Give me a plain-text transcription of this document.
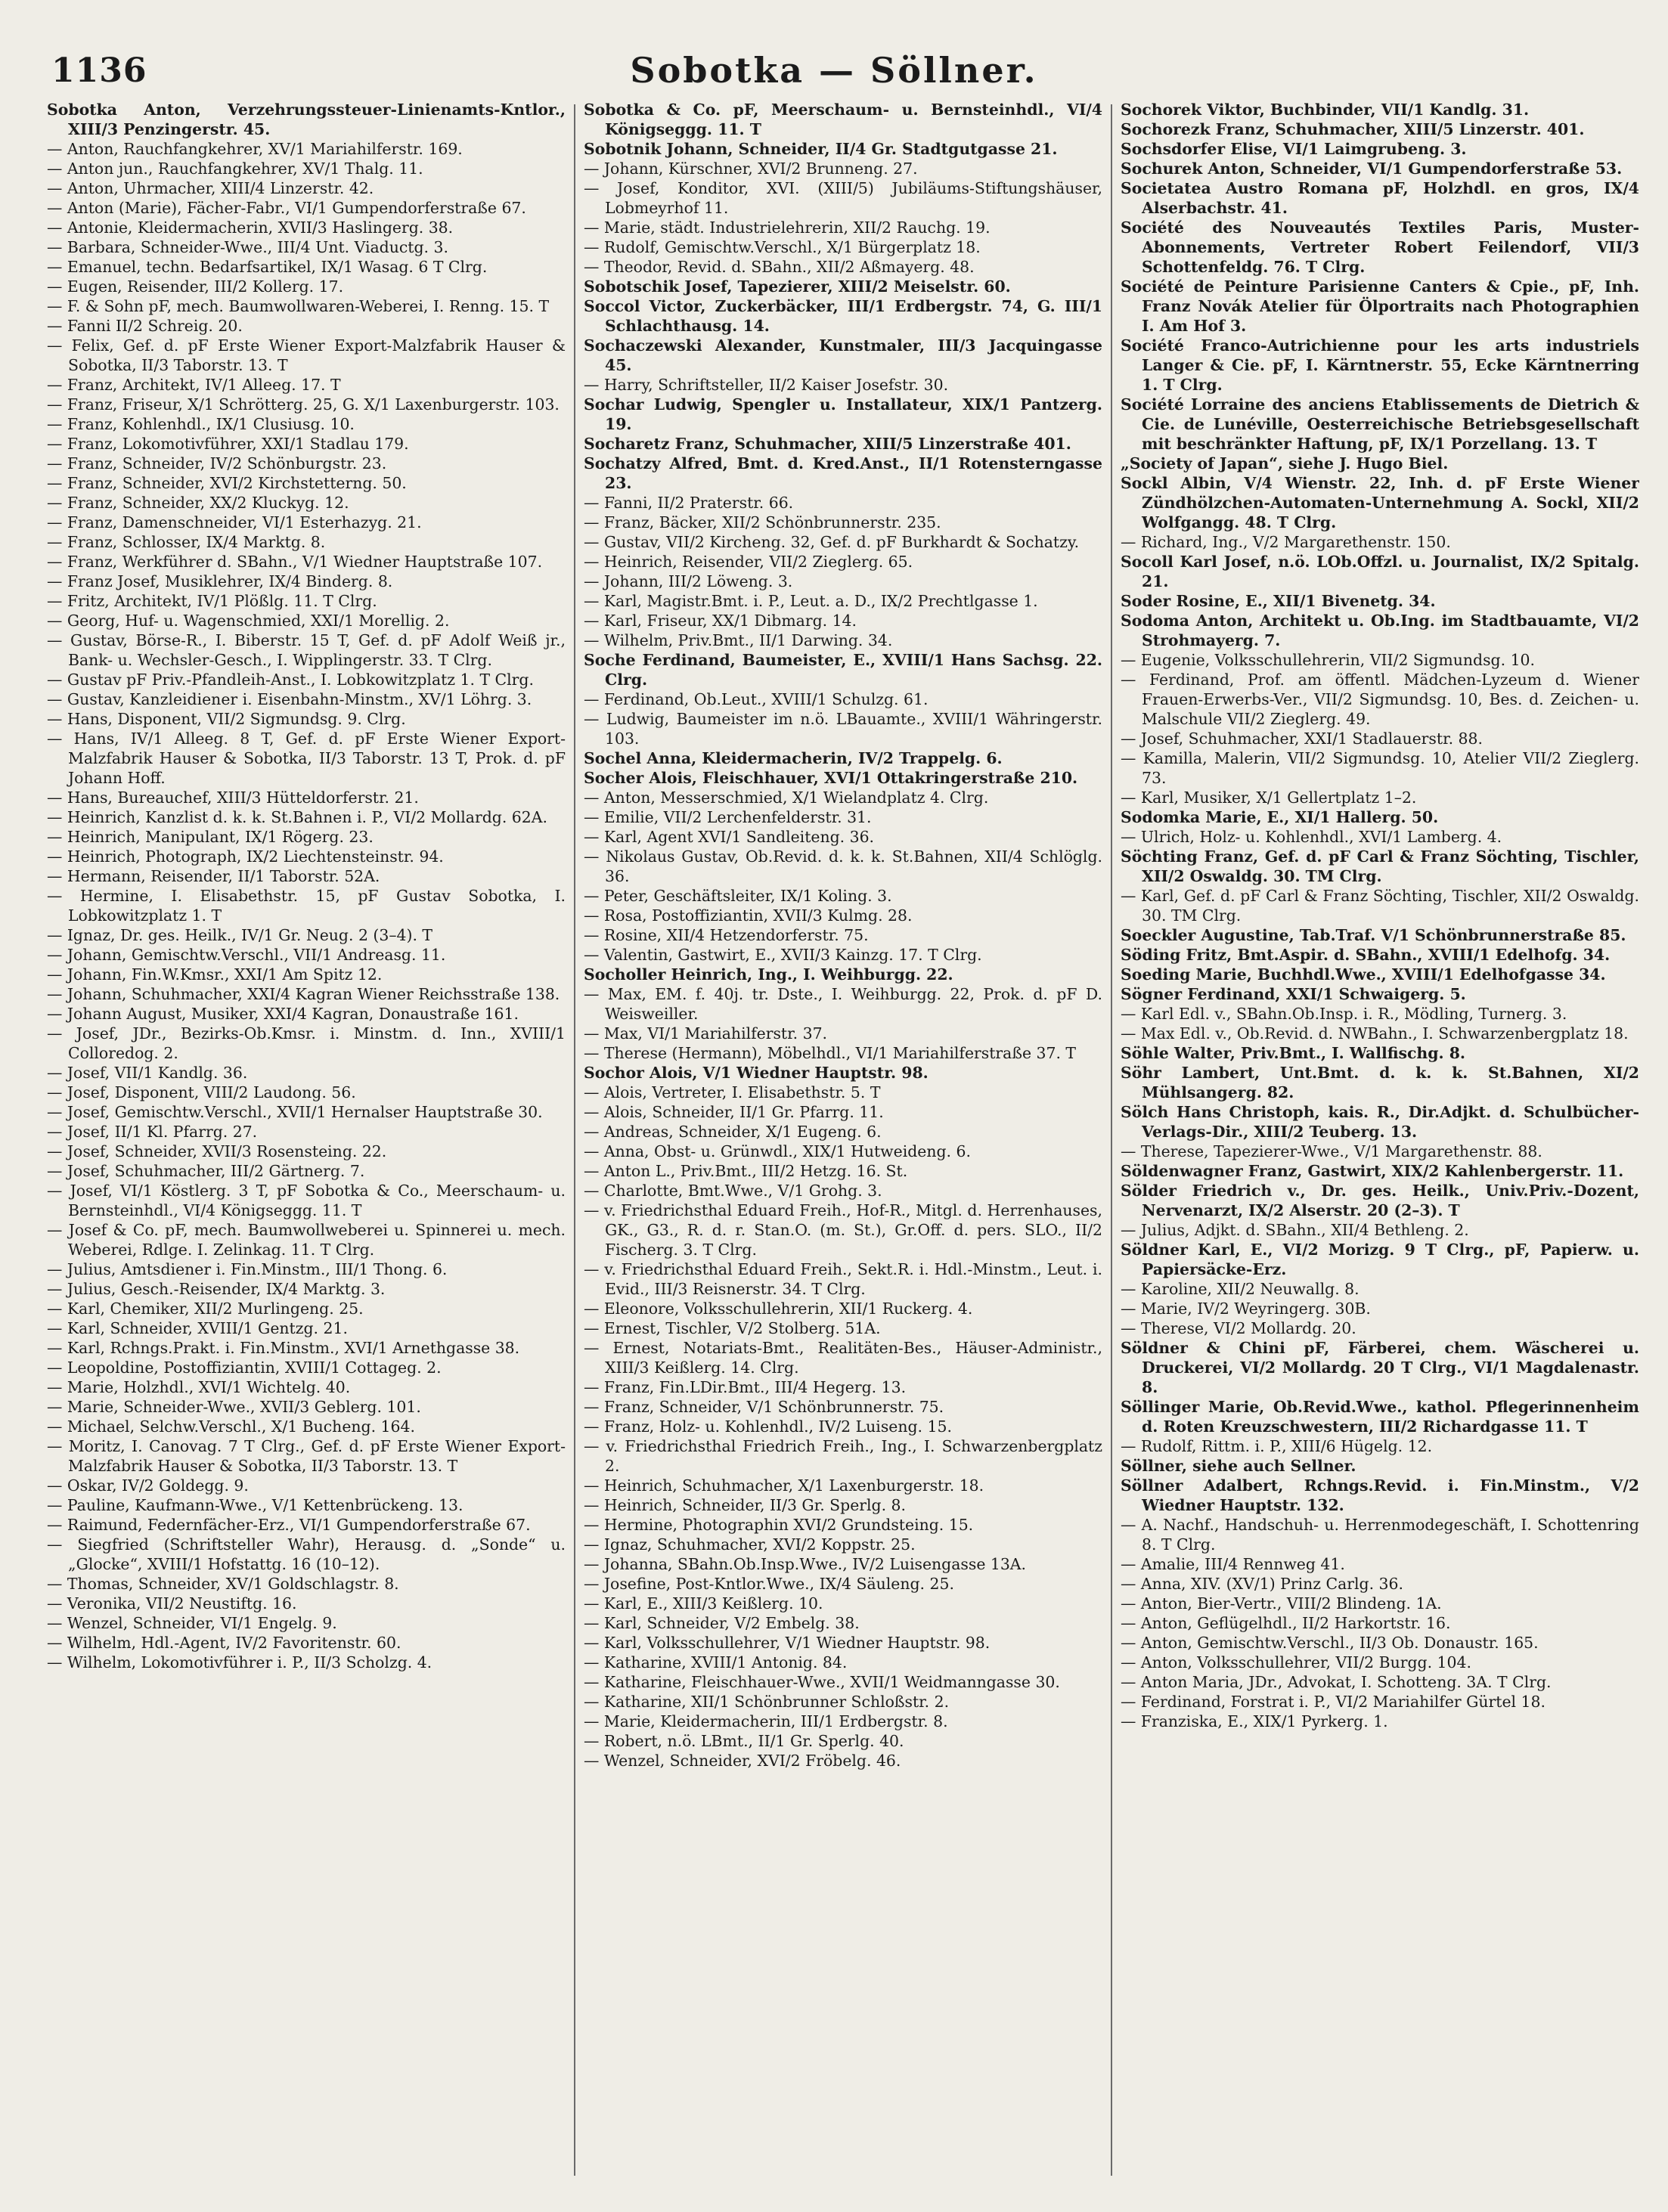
1136	Sobotka — Söllner.

Sobotka Anton, Verzehrungssteuer-Linienamts-Kntlor., XIII/3 Penzingerstr. 45.

— Anton, Rauchfangkehrer, XV/1 Mariahilferstr. 169.

— Anton jun., Rauchfangkehrer, XV/1 Thalg. 11.

— Anton, Uhrmacher, XIII/4 Linzerstr. 42.

— Anton (Marie), Fächer-Fabr., VI/1 Gumpendorferstraße 67.

— Antonie, Kleidermacherin, XVII/3 Haslingerg. 38.

— Barbara, Schneider-Wwe., III/4 Unt. Viaductg. 3.

— Emanuel, techn. Bedarfsartikel, IX/1 Wasag. 6 T Clrg.

— Eugen, Reisender, III/2 Kollerg. 17.

— F. & Sohn pF, mech. Baumwollwaren-Weberei, I. Renng. 15. T

— Fanni II/2 Schreig. 20.

— Felix, Gef. d. pF Erste Wiener Export-Malzfabrik Hauser & Sobotka, II/3 Taborstr. 13. T

— Franz, Architekt, IV/1 Alleeg. 17. T

— Franz, Friseur, X/1 Schrötterg. 25, G. X/1 Laxenburgerstr. 103.

— Franz, Kohlenhdl., IX/1 Clusiusg. 10.

— Franz, Lokomotivführer, XXI/1 Stadlau 179.

— Franz, Schneider, IV/2 Schönburgstr. 23.

— Franz, Schneider, XVI/2 Kirchstetterng. 50.

— Franz, Schneider, XX/2 Kluckyg. 12.

— Franz, Damenschneider, VI/1 Esterhazyg. 21.

— Franz, Schlosser, IX/4 Marktg. 8.

— Franz, Werkführer d. SBahn., V/1 Wiedner Hauptstraße 107.

— Franz Josef, Musiklehrer, IX/4 Binderg. 8.

— Fritz, Architekt, IV/1 Plößlg. 11. T Clrg.

— Georg, Huf- u. Wagenschmied, XXI/1 Morellig. 2.

— Gustav, Börse-R., I. Biberstr. 15 T, Gef. d. pF Adolf Weiß jr., Bank- u. Wechsler-Gesch., I. Wipplingerstr. 33. T Clrg.

— Gustav pF Priv.-Pfandleih-Anst., I. Lobkowitzplatz 1. T Clrg.

— Gustav, Kanzleidiener i. Eisenbahn-Minstm., XV/1 Löhrg. 3.

— Hans, Disponent, VII/2 Sigmundsg. 9. Clrg.

— Hans, IV/1 Alleeg. 8 T, Gef. d. pF Erste Wiener Export-Malzfabrik Hauser & Sobotka, II/3 Taborstr. 13 T, Prok. d. pF Johann Hoff.

— Hans, Bureauchef, XIII/3 Hütteldorferstr. 21.

— Heinrich, Kanzlist d. k. k. St.Bahnen i. P., VI/2 Mollardg. 62A.

— Heinrich, Manipulant, IX/1 Rögerg. 23.

— Heinrich, Photograph, IX/2 Liechtensteinstr. 94.

— Hermann, Reisender, II/1 Taborstr. 52A.

— Hermine, I. Elisabethstr. 15, pF Gustav Sobotka, I. Lobkowitzplatz 1. T

— Ignaz, Dr. ges. Heilk., IV/1 Gr. Neug. 2 (3–4). T

— Johann, Gemischtw.Verschl., VII/1 Andreasg. 11.

— Johann, Fin.W.Kmsr., XXI/1 Am Spitz 12.

— Johann, Schuhmacher, XXI/4 Kagran Wiener Reichsstraße 138.

— Johann August, Musiker, XXI/4 Kagran, Donaustraße 161.

— Josef, JDr., Bezirks-Ob.Kmsr. i. Minstm. d. Inn., XVIII/1 Colloredog. 2.

— Josef, VII/1 Kandlg. 36.

— Josef, Disponent, VIII/2 Laudong. 56.

— Josef, Gemischtw.Verschl., XVII/1 Hernalser Hauptstraße 30.

— Josef, II/1 Kl. Pfarrg. 27.

— Josef, Schneider, XVII/3 Rosensteing. 22.

— Josef, Schuhmacher, III/2 Gärtnerg. 7.

— Josef, VI/1 Köstlerg. 3 T, pF Sobotka & Co., Meerschaum- u. Bernsteinhdl., VI/4 Königseggg. 11. T

— Josef & Co. pF, mech. Baumwollweberei u. Spinnerei u. mech. Weberei, Rdlge. I. Zelinkag. 11. T Clrg.

— Julius, Amtsdiener i. Fin.Minstm., III/1 Thong. 6.

— Julius, Gesch.-Reisender, IX/4 Marktg. 3.

— Karl, Chemiker, XII/2 Murlingeng. 25.

— Karl, Schneider, XVIII/1 Gentzg. 21.

— Karl, Rchngs.Prakt. i. Fin.Minstm., XVI/1 Arnethgasse 38.

— Leopoldine, Postoffiziantin, XVIII/1 Cottageg. 2.

— Marie, Holzhdl., XVI/1 Wichtelg. 40.

— Marie, Schneider-Wwe., XVII/3 Geblerg. 101.

— Michael, Selchw.Verschl., X/1 Bucheng. 164.

— Moritz, I. Canovag. 7 T Clrg., Gef. d. pF Erste Wiener Export-Malzfabrik Hauser & Sobotka, II/3 Taborstr. 13. T

— Oskar, IV/2 Goldegg. 9.

— Pauline, Kaufmann-Wwe., V/1 Kettenbrückeng. 13.

— Raimund, Federnfächer-Erz., VI/1 Gumpendorferstraße 67.

— Siegfried (Schriftsteller Wahr), Herausg. d. „Sonde“ u. „Glocke“, XVIII/1 Hofstattg. 16 (10–12).

— Thomas, Schneider, XV/1 Goldschlagstr. 8.

— Veronika, VII/2 Neustiftg. 16.

— Wenzel, Schneider, VI/1 Engelg. 9.

— Wilhelm, Hdl.-Agent, IV/2 Favoritenstr. 60.

— Wilhelm, Lokomotivführer i. P., II/3 Scholzg. 4.

Sobotka & Co. pF, Meerschaum- u. Bernsteinhdl., VI/4 Königseggg. 11. T

Sobotnik Johann, Schneider, II/4 Gr. Stadtgutgasse 21.

— Johann, Kürschner, XVI/2 Brunneng. 27.

— Josef, Konditor, XVI. (XIII/5) Jubiläums-Stiftungshäuser, Lobmeyrhof 11.

— Marie, städt. Industrielehrerin, XII/2 Rauchg. 19.

— Rudolf, Gemischtw.Verschl., X/1 Bürgerplatz 18.

— Theodor, Revid. d. SBahn., XII/2 Aßmayerg. 48.

Sobotschik Josef, Tapezierer, XIII/2 Meiselstr. 60.

Soccol Victor, Zuckerbäcker, III/1 Erdbergstr. 74, G. III/1 Schlachthausg. 14.

Sochaczewski Alexander, Kunstmaler, III/3 Jacquingasse 45.

— Harry, Schriftsteller, II/2 Kaiser Josefstr. 30.

Sochar Ludwig, Spengler u. Installateur, XIX/1 Pantzerg. 19.

Socharetz Franz, Schuhmacher, XIII/5 Linzerstraße 401.

Sochatzy Alfred, Bmt. d. Kred.Anst., II/1 Rotensterngasse 23.

— Fanni, II/2 Praterstr. 66.

— Franz, Bäcker, XII/2 Schönbrunnerstr. 235.

— Gustav, VII/2 Kircheng. 32, Gef. d. pF Burkhardt & Sochatzy.

— Heinrich, Reisender, VII/2 Zieglerg. 65.

— Johann, III/2 Löweng. 3.

— Karl, Magistr.Bmt. i. P., Leut. a. D., IX/2 Prechtlgasse 1.

— Karl, Friseur, XX/1 Dibmarg. 14.

— Wilhelm, Priv.Bmt., II/1 Darwing. 34.

Soche Ferdinand, Baumeister, E., XVIII/1 Hans Sachsg. 22. Clrg.

— Ferdinand, Ob.Leut., XVIII/1 Schulzg. 61.

— Ludwig, Baumeister im n.ö. LBauamte., XVIII/1 Währingerstr. 103.

Sochel Anna, Kleidermacherin, IV/2 Trappelg. 6.

Socher Alois, Fleischhauer, XVI/1 Ottakringerstraße 210.

— Anton, Messerschmied, X/1 Wielandplatz 4. Clrg.

— Emilie, VII/2 Lerchenfelderstr. 31.

— Karl, Agent XVI/1 Sandleiteng. 36.

— Nikolaus Gustav, Ob.Revid. d. k. k. St.Bahnen, XII/4 Schlöglg. 36.

— Peter, Geschäftsleiter, IX/1 Koling. 3.

— Rosa, Postoffiziantin, XVII/3 Kulmg. 28.

— Rosine, XII/4 Hetzendorferstr. 75.

— Valentin, Gastwirt, E., XVII/3 Kainzg. 17. T Clrg.

Socholler Heinrich, Ing., I. Weihburgg. 22.

— Max, EM. f. 40j. tr. Dste., I. Weihburgg. 22, Prok. d. pF D. Weisweiller.

— Max, VI/1 Mariahilferstr. 37.

— Therese (Hermann), Möbelhdl., VI/1 Mariahilferstraße 37. T

Sochor Alois, V/1 Wiedner Hauptstr. 98.

— Alois, Vertreter, I. Elisabethstr. 5. T

— Alois, Schneider, II/1 Gr. Pfarrg. 11.

— Andreas, Schneider, X/1 Eugeng. 6.

— Anna, Obst- u. Grünwdl., XIX/1 Hutweideng. 6.

— Anton L., Priv.Bmt., III/2 Hetzg. 16. St.

— Charlotte, Bmt.Wwe., V/1 Grohg. 3.

— v. Friedrichsthal Eduard Freih., Hof-R., Mitgl. d. Herrenhauses, GK., G3., R. d. r. Stan.O. (m. St.), Gr.Off. d. pers. SLO., II/2 Fischerg. 3. T Clrg.

— v. Friedrichsthal Eduard Freih., Sekt.R. i. Hdl.-Minstm., Leut. i. Evid., III/3 Reisnerstr. 34. T Clrg.

— Eleonore, Volksschullehrerin, XII/1 Ruckerg. 4.

— Ernest, Tischler, V/2 Stolberg. 51A.

— Ernest, Notariats-Bmt., Realitäten-Bes., Häuser-Administr., XIII/3 Keißlerg. 14. Clrg.

— Franz, Fin.LDir.Bmt., III/4 Hegerg. 13.

— Franz, Schneider, V/1 Schönbrunnerstr. 75.

— Franz, Holz- u. Kohlenhdl., IV/2 Luiseng. 15.

— v. Friedrichsthal Friedrich Freih., Ing., I. Schwarzenbergplatz 2.

— Heinrich, Schuhmacher, X/1 Laxenburgerstr. 18.

— Heinrich, Schneider, II/3 Gr. Sperlg. 8.

— Hermine, Photographin XVI/2 Grundsteing. 15.

— Ignaz, Schuhmacher, XVI/2 Koppstr. 25.

— Johanna, SBahn.Ob.Insp.Wwe., IV/2 Luisengasse 13A.

— Josefine, Post-Kntlor.Wwe., IX/4 Säuleng. 25.

— Karl, E., XIII/3 Keißlerg. 10.

— Karl, Schneider, V/2 Embelg. 38.

— Karl, Volksschullehrer, V/1 Wiedner Hauptstr. 98.

— Katharine, XVIII/1 Antonig. 84.

— Katharine, Fleischhauer-Wwe., XVII/1 Weidmanngasse 30.

— Katharine, XII/1 Schönbrunner Schloßstr. 2.

— Marie, Kleidermacherin, III/1 Erdbergstr. 8.

— Robert, n.ö. LBmt., II/1 Gr. Sperlg. 40.

— Wenzel, Schneider, XVI/2 Fröbelg. 46.

Sochorek Viktor, Buchbinder, VII/1 Kandlg. 31.

Sochorezk Franz, Schuhmacher, XIII/5 Linzerstr. 401.

Sochsdorfer Elise, VI/1 Laimgrubeng. 3.

Sochurek Anton, Schneider, VI/1 Gumpendorferstraße 53.

Societatea Austro Romana pF, Holzhdl. en gros, IX/4 Alserbachstr. 41.

Société des Nouveautés Textiles Paris, Muster-Abonnements, Vertreter Robert Feilendorf, VII/3 Schottenfeldg. 76. T Clrg.

Société de Peinture Parisienne Canters & Cpie., pF, Inh. Franz Novák Atelier für Ölportraits nach Photographien I. Am Hof 3.

Société Franco-Autrichienne pour les arts industriels Langer & Cie. pF, I. Kärntnerstr. 55, Ecke Kärntnerring 1. T Clrg.

Société Lorraine des anciens Etablissements de Dietrich & Cie. de Lunéville, Oesterreichische Betriebsgesellschaft mit beschränkter Haftung, pF, IX/1 Porzellang. 13. T

„Society of Japan“, siehe J. Hugo Biel.

Sockl Albin, V/4 Wienstr. 22, Inh. d. pF Erste Wiener Zündhölzchen-Automaten-Unternehmung A. Sockl, XII/2 Wolfgangg. 48. T Clrg.

— Richard, Ing., V/2 Margarethenstr. 150.

Socoll Karl Josef, n.ö. LOb.Offzl. u. Journalist, IX/2 Spitalg. 21.

Soder Rosine, E., XII/1 Bivenetg. 34.

Sodoma Anton, Architekt u. Ob.Ing. im Stadtbauamte, VI/2 Strohmayerg. 7.

— Eugenie, Volksschullehrerin, VII/2 Sigmundsg. 10.

— Ferdinand, Prof. am öffentl. Mädchen-Lyzeum d. Wiener Frauen-Erwerbs-Ver., VII/2 Sigmundsg. 10, Bes. d. Zeichen- u. Malschule VII/2 Zieglerg. 49.

— Josef, Schuhmacher, XXI/1 Stadlauerstr. 88.

— Kamilla, Malerin, VII/2 Sigmundsg. 10, Atelier VII/2 Zieglerg. 73.

— Karl, Musiker, X/1 Gellertplatz 1–2.

Sodomka Marie, E., XI/1 Hallerg. 50.

— Ulrich, Holz- u. Kohlenhdl., XVI/1 Lamberg. 4.

Söchting Franz, Gef. d. pF Carl & Franz Söchting, Tischler, XII/2 Oswaldg. 30. TM Clrg.

— Karl, Gef. d. pF Carl & Franz Söchting, Tischler, XII/2 Oswaldg. 30. TM Clrg.

Soeckler Augustine, Tab.Traf. V/1 Schönbrunnerstraße 85.

Söding Fritz, Bmt.Aspir. d. SBahn., XVIII/1 Edelhofg. 34.

Soeding Marie, Buchhdl.Wwe., XVIII/1 Edelhofgasse 34.

Sögner Ferdinand, XXI/1 Schwaigerg. 5.

— Karl Edl. v., SBahn.Ob.Insp. i. R., Mödling, Turnerg. 3.

— Max Edl. v., Ob.Revid. d. NWBahn., I. Schwarzenbergplatz 18.

Söhle Walter, Priv.Bmt., I. Wallfischg. 8.

Söhr Lambert, Unt.Bmt. d. k. k. St.Bahnen, XI/2 Mühlsangerg. 82.

Sölch Hans Christoph, kais. R., Dir.Adjkt. d. Schulbücher-Verlags-Dir., XIII/2 Teuberg. 13.

— Therese, Tapezierer-Wwe., V/1 Margarethenstr. 88.

Söldenwagner Franz, Gastwirt, XIX/2 Kahlenbergerstr. 11.

Sölder Friedrich v., Dr. ges. Heilk., Univ.Priv.-Dozent, Nervenarzt, IX/2 Alserstr. 20 (2–3). T

— Julius, Adjkt. d. SBahn., XII/4 Bethleng. 2.

Söldner Karl, E., VI/2 Morizg. 9 T Clrg., pF, Papierw. u. Papiersäcke-Erz.

— Karoline, XII/2 Neuwallg. 8.

— Marie, IV/2 Weyringerg. 30B.

— Therese, VI/2 Mollardg. 20.

Söldner & Chini pF, Färberei, chem. Wäscherei u. Druckerei, VI/2 Mollardg. 20 T Clrg., VI/1 Magdalenastr. 8.

Söllinger Marie, Ob.Revid.Wwe., kathol. Pflegerinnenheim d. Roten Kreuzschwestern, III/2 Richardgasse 11. T

— Rudolf, Rittm. i. P., XIII/6 Hügelg. 12.

Söllner, siehe auch Sellner.

Söllner Adalbert, Rchngs.Revid. i. Fin.Minstm., V/2 Wiedner Hauptstr. 132.

— A. Nachf., Handschuh- u. Herrenmodegeschäft, I. Schottenring 8. T Clrg.

— Amalie, III/4 Rennweg 41.

— Anna, XIV. (XV/1) Prinz Carlg. 36.

— Anton, Bier-Vertr., VIII/2 Blindeng. 1A.

— Anton, Geflügelhdl., II/2 Harkortstr. 16.

— Anton, Gemischtw.Verschl., II/3 Ob. Donaustr. 165.

— Anton, Volksschullehrer, VII/2 Burgg. 104.

— Anton Maria, JDr., Advokat, I. Schotteng. 3A. T Clrg.

— Ferdinand, Forstrat i. P., VI/2 Mariahilfer Gürtel 18.

— Franziska, E., XIX/1 Pyrkerg. 1.
